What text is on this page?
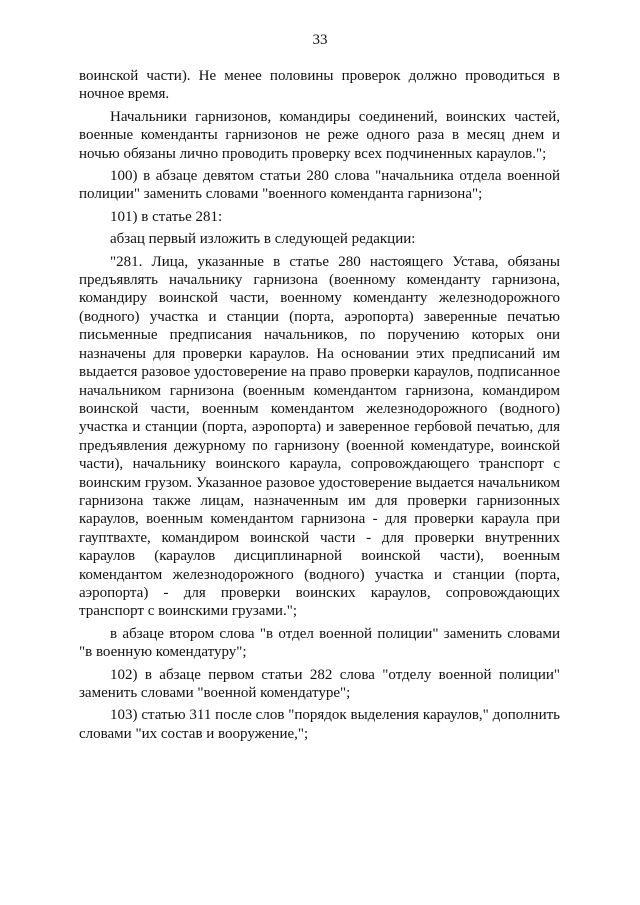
33

воинской части). Не менее половины проверок должно проводиться в ночное время.

Начальники гарнизонов, командиры соединений, воинских частей, военные коменданты гарнизонов не реже одного раза в месяц днем и ночью обязаны лично проводить проверку всех подчиненных караулов.";

100) в абзаце девятом статьи 280 слова "начальника отдела военной полиции" заменить словами "военного коменданта гарнизона";

101) в статье 281:

абзац первый изложить в следующей редакции:

"281. Лица, указанные в статье 280 настоящего Устава, обязаны предъявлять начальнику гарнизона (военному коменданту гарнизона, командиру воинской части, военному коменданту железнодорожного (водного) участка и станции (порта, аэропорта) заверенные печатью письменные предписания начальников, по поручению которых они назначены для проверки караулов. На основании этих предписаний им выдается разовое удостоверение на право проверки караулов, подписанное начальником гарнизона (военным комендантом гарнизона, командиром воинской части, военным комендантом железнодорожного (водного) участка и станции (порта, аэропорта) и заверенное гербовой печатью, для предъявления дежурному по гарнизону (военной комендатуре, воинской части), начальнику воинского караула, сопровождающего транспорт с воинским грузом. Указанное разовое удостоверение выдается начальником гарнизона также лицам, назначенным им для проверки гарнизонных караулов, военным комендантом гарнизона - для проверки караула при гауптвахте, командиром воинской части - для проверки внутренних караулов (караулов дисциплинарной воинской части), военным комендантом железнодорожного (водного) участка и станции (порта, аэропорта) - для проверки воинских караулов, сопровождающих транспорт с воинскими грузами.";

в абзаце втором слова "в отдел военной полиции" заменить словами "в военную комендатуру";

102) в абзаце первом статьи 282 слова "отделу военной полиции" заменить словами "военной комендатуре";

103) статью 311 после слов "порядок выделения караулов," дополнить словами "их состав и вооружение,";
